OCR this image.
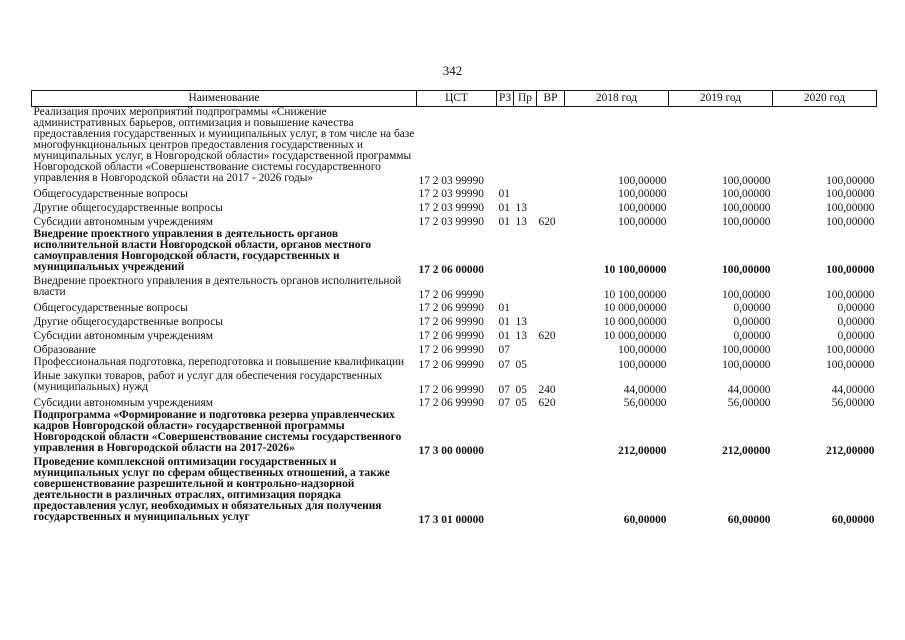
342
Наименование	ЦСТ	РЗ	Пр	ВР	2018 год	2019 год	2020 год
Реализация прочих мероприятий подпрограммы «Снижение административных барьеров, оптимизация и повышение качества предоставления государственных и муниципальных услуг, в том числе на базе многофункциональных центров предоставления государственных и муниципальных услуг, в Новгородской области» государственной программы Новгородской области «Совершенствование системы государственного управления в Новгородской области на 2017 - 2026 годы»	17 2 03 99990				100,00000	100,00000	100,00000
Общегосударственные вопросы	17 2 03 99990	01			100,00000	100,00000	100,00000
Другие общегосударственные вопросы	17 2 03 99990	01	13		100,00000	100,00000	100,00000
Субсидии автономным учреждениям	17 2 03 99990	01	13	620	100,00000	100,00000	100,00000
Внедрение проектного управления в деятельность органов исполнительной власти Новгородской области, органов местного самоуправления Новгородской области, государственных и муниципальных учреждений	17 2 06 00000				10 100,00000	100,00000	100,00000
Внедрение проектного управления в деятельность органов исполнительной власти	17 2 06 99990				10 100,00000	100,00000	100,00000
Общегосударственные вопросы	17 2 06 99990	01			10 000,00000	0,00000	0,00000
Другие общегосударственные вопросы	17 2 06 99990	01	13		10 000,00000	0,00000	0,00000
Субсидии автономным учреждениям	17 2 06 99990	01	13	620	10 000,00000	0,00000	0,00000
Образование	17 2 06 99990	07			100,00000	100,00000	100,00000
Профессиональная подготовка, переподготовка и повышение квалификации	17 2 06 99990	07	05		100,00000	100,00000	100,00000
Иные закупки товаров, работ и услуг для обеспечения государственных (муниципальных) нужд	17 2 06 99990	07	05	240	44,00000	44,00000	44,00000
Субсидии автономным учреждениям	17 2 06 99990	07	05	620	56,00000	56,00000	56,00000
Подпрограмма «Формирование и подготовка резерва управленческих кадров Новгородской области» государственной программы Новгородской области «Совершенствование системы государственного управления в Новгородской области на 2017-2026»	17 3 00 00000				212,00000	212,00000	212,00000
Проведение комплексной оптимизации государственных и муниципальных услуг по сферам общественных отношений, а также совершенствование разрешительной и контрольно-надзорной деятельности в различных отраслях, оптимизация порядка предоставления услуг, необходимых и обязательных для получения государственных и муниципальных услуг	17 3 01 00000				60,00000	60,00000	60,00000
